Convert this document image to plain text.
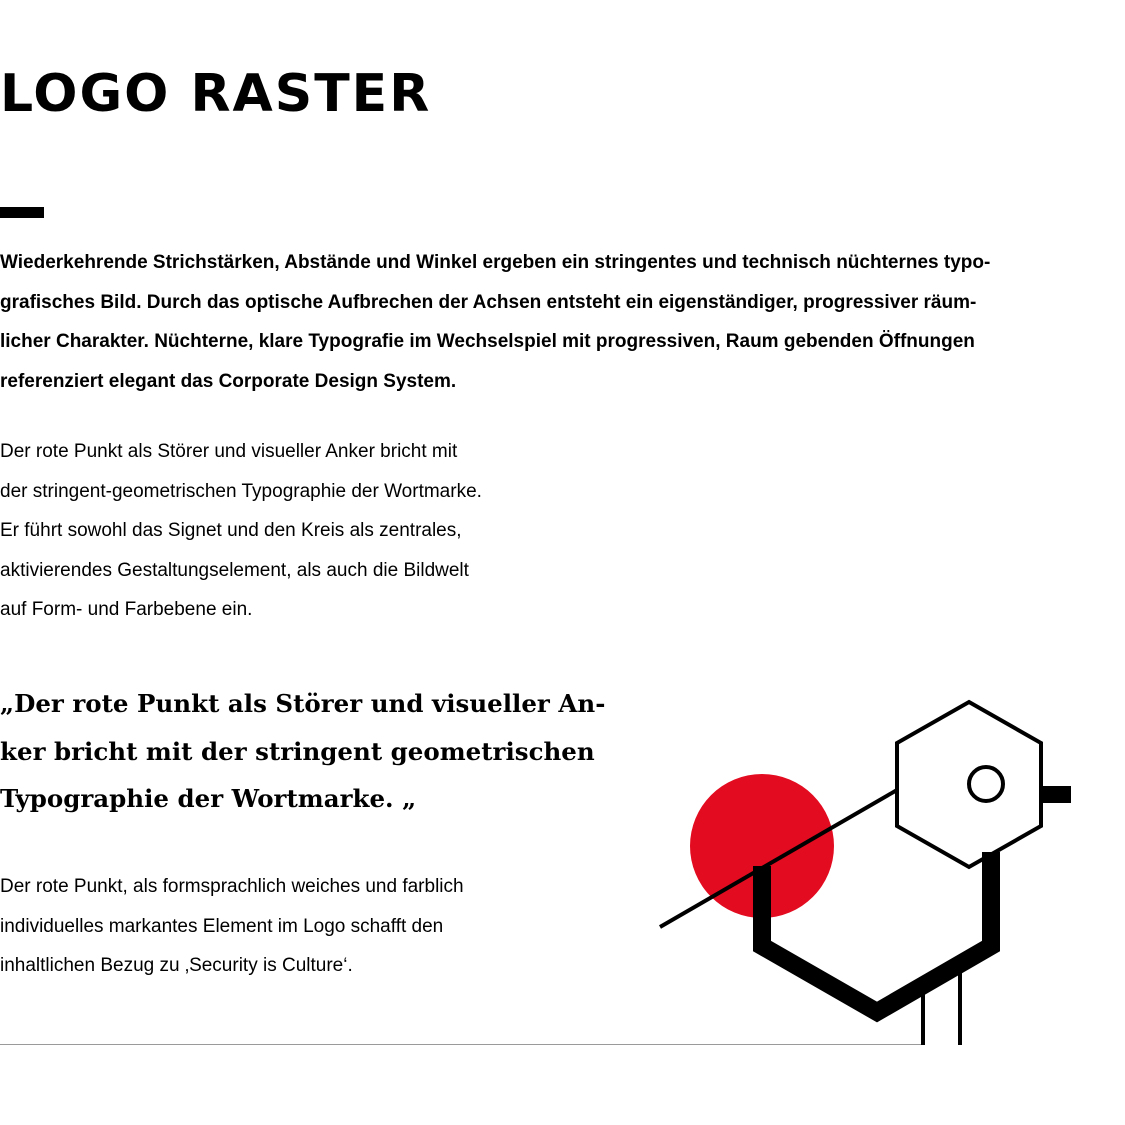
LOGO RASTER

Wiederkehrende Strichstärken, Abstände und Winkel ergeben ein stringentes und technisch nüchternes typo-
grafisches Bild. Durch das optische Aufbrechen der Achsen entsteht ein eigenständiger, progressiver räum-
licher Charakter. Nüchterne, klare Typografie im Wechselspiel mit progressiven, Raum gebenden Öffnungen
referenziert elegant das Corporate Design System.

Der rote Punkt als Störer und visueller Anker bricht mit
der stringent-geometrischen Typographie der Wortmarke.
Er führt sowohl das Signet und den Kreis als zentrales,
aktivierendes Gestaltungselement, als auch die Bildwelt
auf Form- und Farbebene ein.

„Der rote Punkt als Störer und visueller An-
ker bricht mit der stringent geometrischen
Typographie der Wortmarke. „

Der rote Punkt, als formsprachlich weiches und farblich
individuelles markantes Element im Logo schafft den
inhaltlichen Bezug zu ‚Security is Culture‘.
